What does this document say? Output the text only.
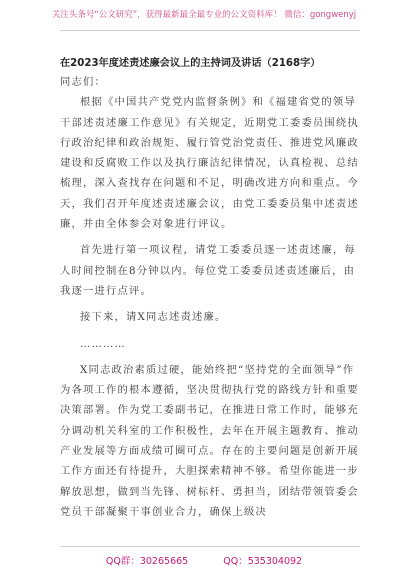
关注头条号“公文研究”，获得最新最全最专业的公文资料库！ 微信：gongwenyj
在2023年度述责述廉会议上的主持词及讲话（2168字）

同志们：

根据《中国共产党党内监督条例》和《福建省党的领导干部述责述廉工作意见》有关规定，近期党工委委员围绕执行政治纪律和政治规矩、履行管党治党责任、推进党风廉政建设和反腐败工作以及执行廉洁纪律情况，认真检视、总结梳理，深入查找存在问题和不足，明确改进方向和重点。今天，我们召开年度述责述廉会议，由党工委委员集中述责述廉，并由全体参会对象进行评议。

首先进行第一项议程，请党工委委员逐一述责述廉，每人时间控制在8分钟以内。每位党工委委员述责述廉后，由我逐一进行点评。

接下来，请X同志述责述廉。

…………

X同志政治素质过硬，能始终把“坚持党的全面领导”作为各项工作的根本遵循，坚决贯彻执行党的路线方针和重要决策部署。作为党工委副书记，在推进日常工作时，能够充分调动机关科室的工作积极性，去年在开展主题教育、推动产业发展等方面成绩可圈可点。存在的主要问题是创新开展工作方面还有待提升，大胆探索精神不够。希望你能进一步解放思想，做到当先锋、树标杆、勇担当，团结带领管委会党员干部凝聚干事创业合力，确保上级决

QQ群：30265665	QQ：535304092
